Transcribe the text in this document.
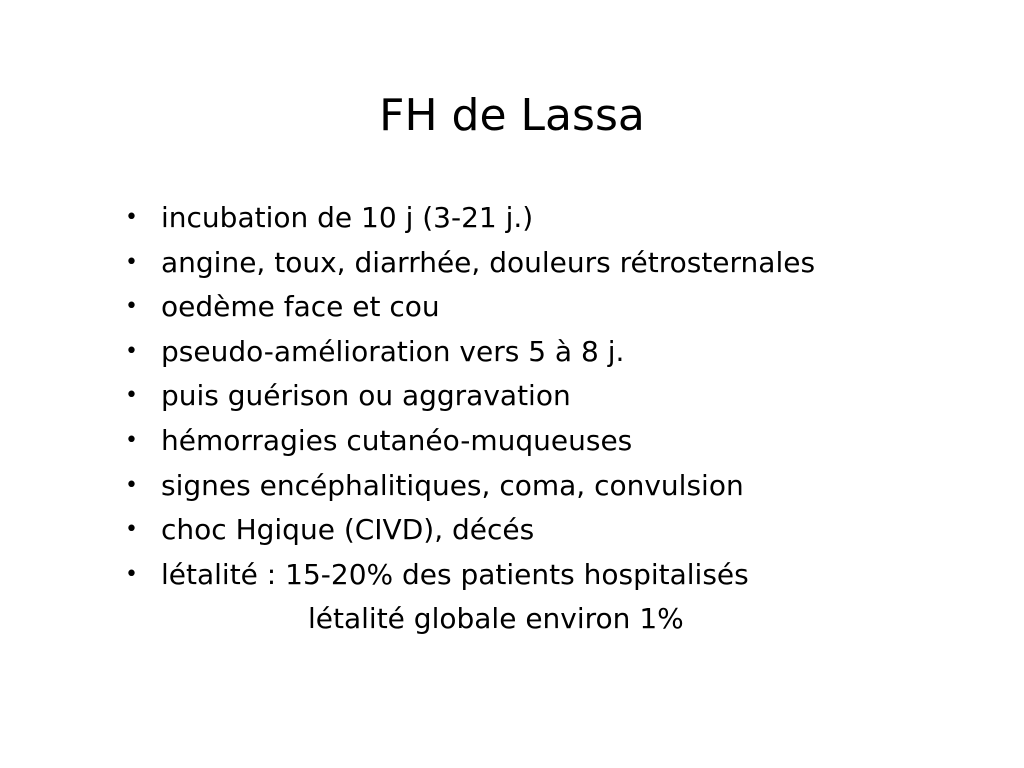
FH de Lassa
• incubation de 10 j (3-21 j.)
• angine, toux, diarrhée, douleurs rétrosternales
• oedème face et cou
• pseudo-amélioration vers 5 à 8 j.
• puis guérison ou aggravation
• hémorragies cutanéo-muqueuses
• signes encéphalitiques, coma, convulsion
• choc Hgique (CIVD), décés
• létalité : 15-20% des patients hospitalisés
létalité globale environ 1%
